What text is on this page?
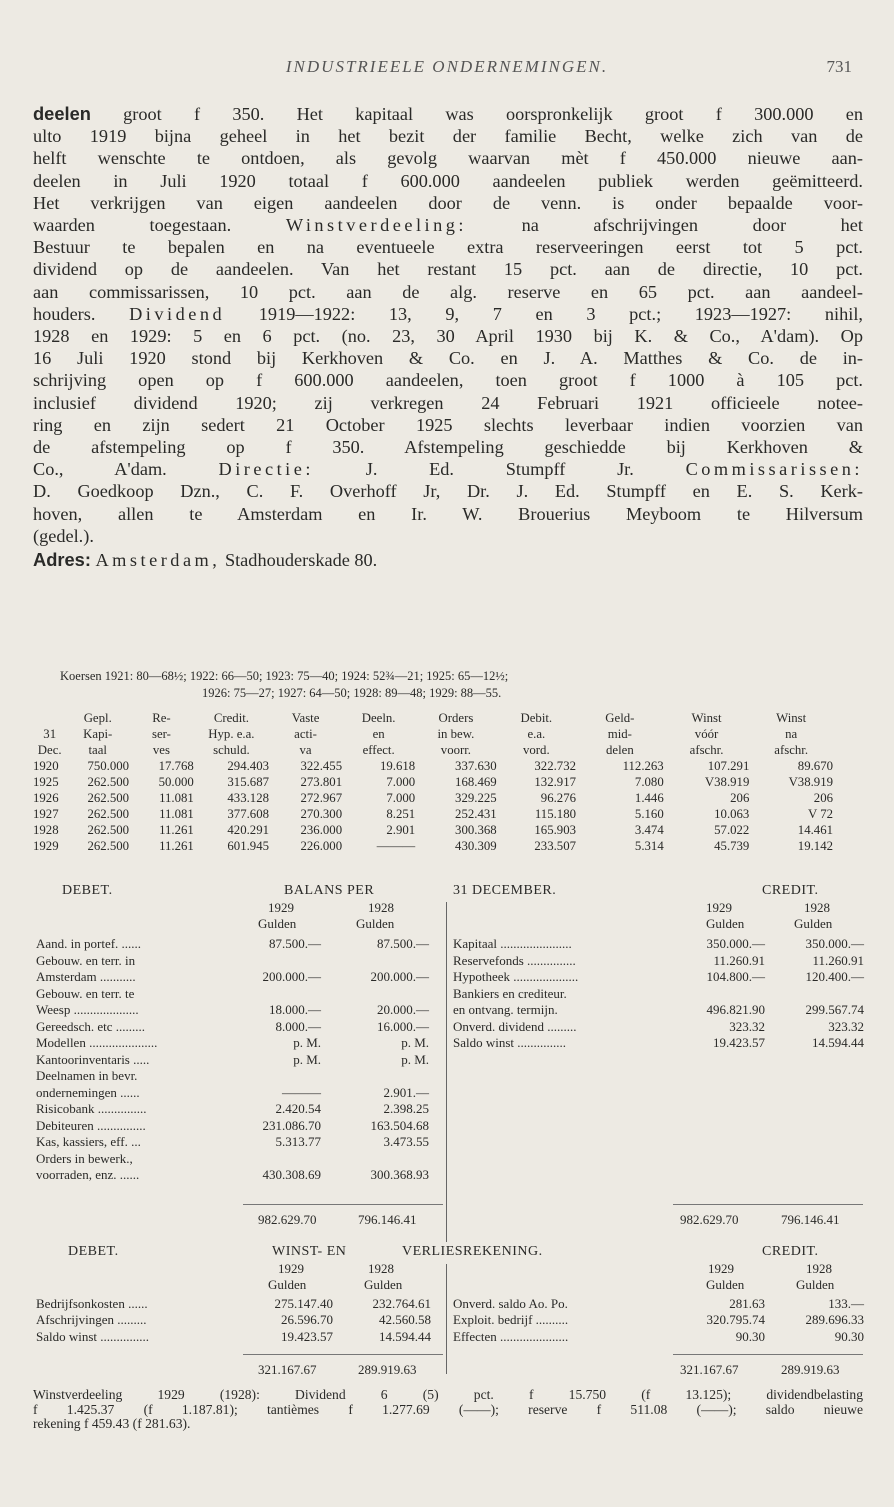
INDUSTRIEELE ONDERNEMINGEN.	731

deelen groot f 350. Het kapitaal was oorspronkelijk groot f 300.000 en

ulto 1919 bijna geheel in het bezit der familie Becht, welke zich van de

helft wenschte te ontdoen, als gevolg waarvan mèt f 450.000 nieuwe aan-

deelen in Juli 1920 totaal f 600.000 aandeelen publiek werden geëmitteerd.

Het verkrijgen van eigen aandeelen door de venn. is onder bepaalde voor-

waarden toegestaan.	Winstverdeeling:	na afschrijvingen door het

Bestuur te bepalen en na eventueele extra reserveeringen eerst tot 5 pct.

dividend op de aandeelen. Van het restant 15 pct. aan de directie, 10 pct.

aan commissarissen, 10 pct. aan de alg. reserve en 65 pct. aan aandeel-

houders. Dividend 1919—1922: 13, 9, 7 en 3 pct.; 1923—1927: nihil,

1928 en 1929: 5 en 6 pct. (no. 23, 30 April 1930 bij K. & Co., A'dam). Op

16 Juli 1920 stond bij Kerkhoven & Co. en J. A. Matthes & Co. de in-

schrijving open op f 600.000 aandeelen, toen groot f 1000 à 105 pct.

inclusief dividend 1920; zij verkregen 24 Februari 1921 officieele notee-

ring en zijn sedert 21 October 1925 slechts leverbaar indien voorzien van

de afstempeling op f 350. Afstempeling geschiedde bij Kerkhoven &

Co., A'dam.	Directie:	J. Ed. Stumpff Jr.	Commissarissen:

D. Goedkoop Dzn., C. F. Overhoff Jr, Dr. J. Ed. Stumpff en E. S. Kerk-

hoven, allen te Amsterdam en Ir. W. Brouerius Meyboom te Hilversum

(gedel.).

Adres: Amsterdam, Stadhouderskade 80.

Koersen 1921: 80—68½; 1922: 66—50; 1923: 75—40; 1924: 52¾—21; 1925: 65—12½;
1926: 75—27; 1927: 64—50; 1928: 89—48; 1929: 88—55.
	Gepl.	Re-	Credit.	Vaste	Deeln.	Orders	Debit.	Geld-	Winst	Winst
31	Kapi-	ser-	Hyp. e.a.	acti-	en	in bew.	e.a.	mid-	vóór	na
Dec.	taal	ves	schuld.	va	effect.	voorr.	vord.	delen	afschr.	afschr.
1920	750.000	17.768	294.403	322.455	19.618	337.630	322.732	112.263	107.291	89.670
1925	262.500	50.000	315.687	273.801	7.000	168.469	132.917	7.080	V38.919	V38.919
1926	262.500	11.081	433.128	272.967	7.000	329.225	96.276	1.446	206	206
1927	262.500	11.081	377.608	270.300	8.251	252.431	115.180	5.160	10.063	V 72
1928	262.500	11.261	420.291	236.000	2.901	300.368	165.903	3.474	57.022	14.461
1929	262.500	11.261	601.945	226.000	———	430.309	233.507	5.314	45.739	19.142
DEBET.	BALANS PER	31 DECEMBER.	CREDIT.
1929	1928	1929	1928
Gulden	Gulden	Gulden	Gulden
Aand. in portef. ......	87.500.—	87.500.—
Gebouw. en terr. in
Amsterdam ...........	200.000.—	200.000.—
Gebouw. en terr. te
Weesp ....................	18.000.—	20.000.—
Gereedsch. etc .........	8.000.—	16.000.—
Modellen .....................	p. M.	p. M.
Kantoorinventaris .....	p. M.	p. M.
Deelnamen in bevr.
ondernemingen ......	———	2.901.—
Risicobank ...............	2.420.54	2.398.25
Debiteuren ...............	231.086.70	163.504.68
Kas, kassiers, eff. ...	5.313.77	3.473.55
Orders in bewerk.,
voorraden, enz. ......	430.308.69	300.368.93
Kapitaal ......................	350.000.—	350.000.—
Reservefonds ...............	11.260.91	11.260.91
Hypotheek ....................	104.800.—	120.400.—
Bankiers en crediteur.
en ontvang. termijn.	496.821.90	299.567.74
Onverd. dividend .........	323.32	323.32
Saldo winst ...............	19.423.57	14.594.44
982.629.70	796.146.41	982.629.70	796.146.41
DEBET.	WINST- EN	VERLIESREKENING.	CREDIT.
1929	1928	1929	1928
Gulden	Gulden	Gulden	Gulden
Bedrijfsonkosten ......	275.147.40	232.764.61
Afschrijvingen .........	26.596.70	42.560.58
Saldo winst ...............	19.423.57	14.594.44
Onverd. saldo Ao. Po.	281.63	133.—
Exploit. bedrijf ..........	320.795.74	289.696.33
Effecten .....................	90.30	90.30
321.167.67	289.919.63	321.167.67	289.919.63

Winstverdeeling 1929 (1928): Dividend 6 (5) pct. f 15.750 (f 13.125); dividendbelasting

f 1.425.37 (f 1.187.81); tantièmes f 1.277.69 (——); reserve f 511.08 (——); saldo nieuwe

rekening f 459.43 (f 281.63).
